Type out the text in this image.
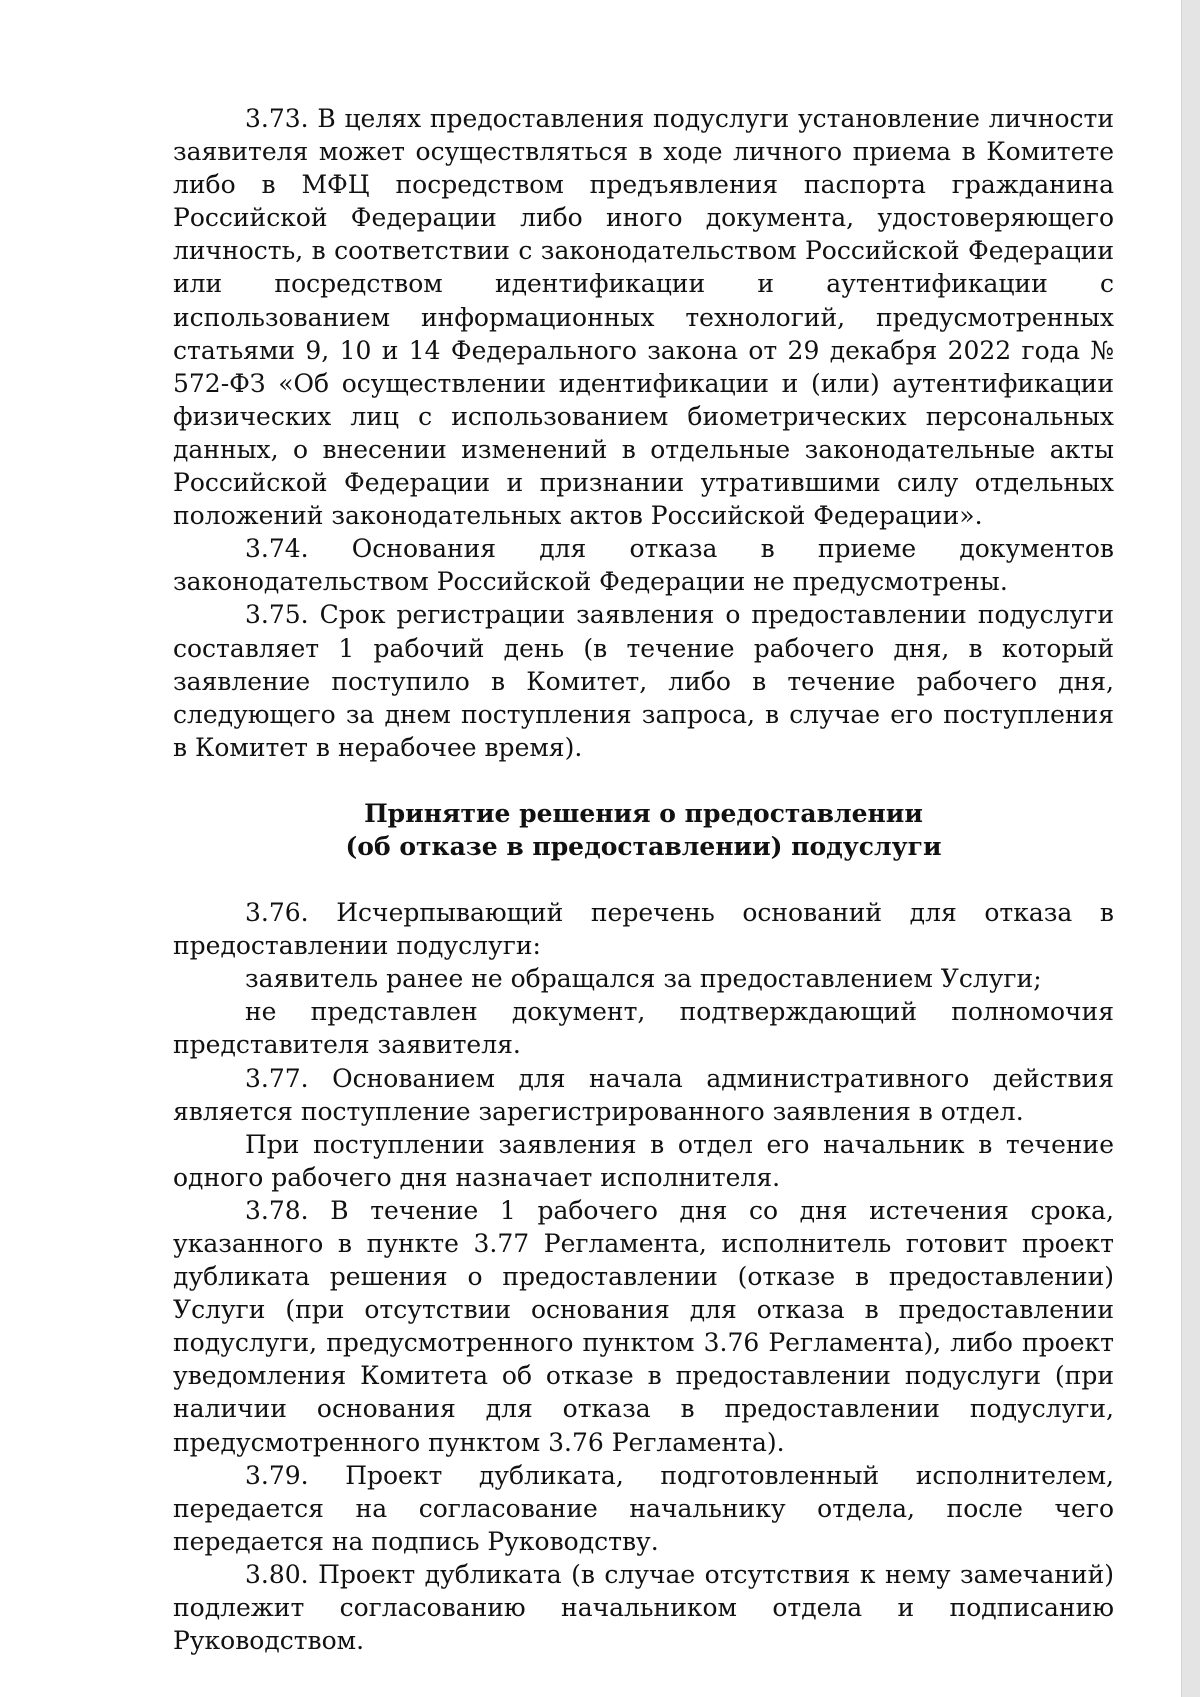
3.73. В целях предоставления подуслуги установление личности заявителя может осуществляться в ходе личного приема в Комитете либо в МФЦ посредством предъявления паспорта гражданина Российской Федерации либо иного документа, удостоверяющего личность, в соответствии с законодательством Российской Федерации или посредством идентификации и аутентификации с использованием информационных технологий, предусмотренных статьями 9, 10 и 14 Федерального закона от 29 декабря 2022 года № 572-ФЗ «Об осуществлении идентификации и (или) аутентификации физических лиц с использованием биометрических персональных данных, о внесении изменений в отдельные законодательные акты Российской Федерации и признании утратившими силу отдельных положений законодательных актов Российской Федерации».

3.74. Основания для отказа в приеме документов законодательством Российской Федерации не предусмотрены.

3.75. Срок регистрации заявления о предоставлении подуслуги составляет 1 рабочий день (в течение рабочего дня, в который заявление поступило в Комитет, либо в течение рабочего дня, следующего за днем поступления запроса, в случае его поступления в Комитет в нерабочее время).

Принятие решения о предоставлении
(об отказе в предоставлении) подуслуги

3.76. Исчерпывающий перечень оснований для отказа в предоставлении подуслуги:

заявитель ранее не обращался за предоставлением Услуги;

не представлен документ, подтверждающий полномочия представителя заявителя.

3.77. Основанием для начала административного действия является поступление зарегистрированного заявления в отдел.

При поступлении заявления в отдел его начальник в течение одного рабочего дня назначает исполнителя.

3.78. В течение 1 рабочего дня со дня истечения срока, указанного в пункте 3.77 Регламента, исполнитель готовит проект дубликата решения о предоставлении (отказе в предоставлении) Услуги (при отсутствии основания для отказа в предоставлении подуслуги, предусмотренного пунктом 3.76 Регламента), либо проект уведомления Комитета об отказе в предоставлении подуслуги (при наличии основания для отказа в предоставлении подуслуги, предусмотренного пунктом 3.76 Регламента).

3.79. Проект дубликата, подготовленный исполнителем, передается на согласование начальнику отдела, после чего передается на подпись Руководству.

3.80. Проект дубликата (в случае отсутствия к нему замечаний) подлежит согласованию начальником отдела и подписанию Руководством.
